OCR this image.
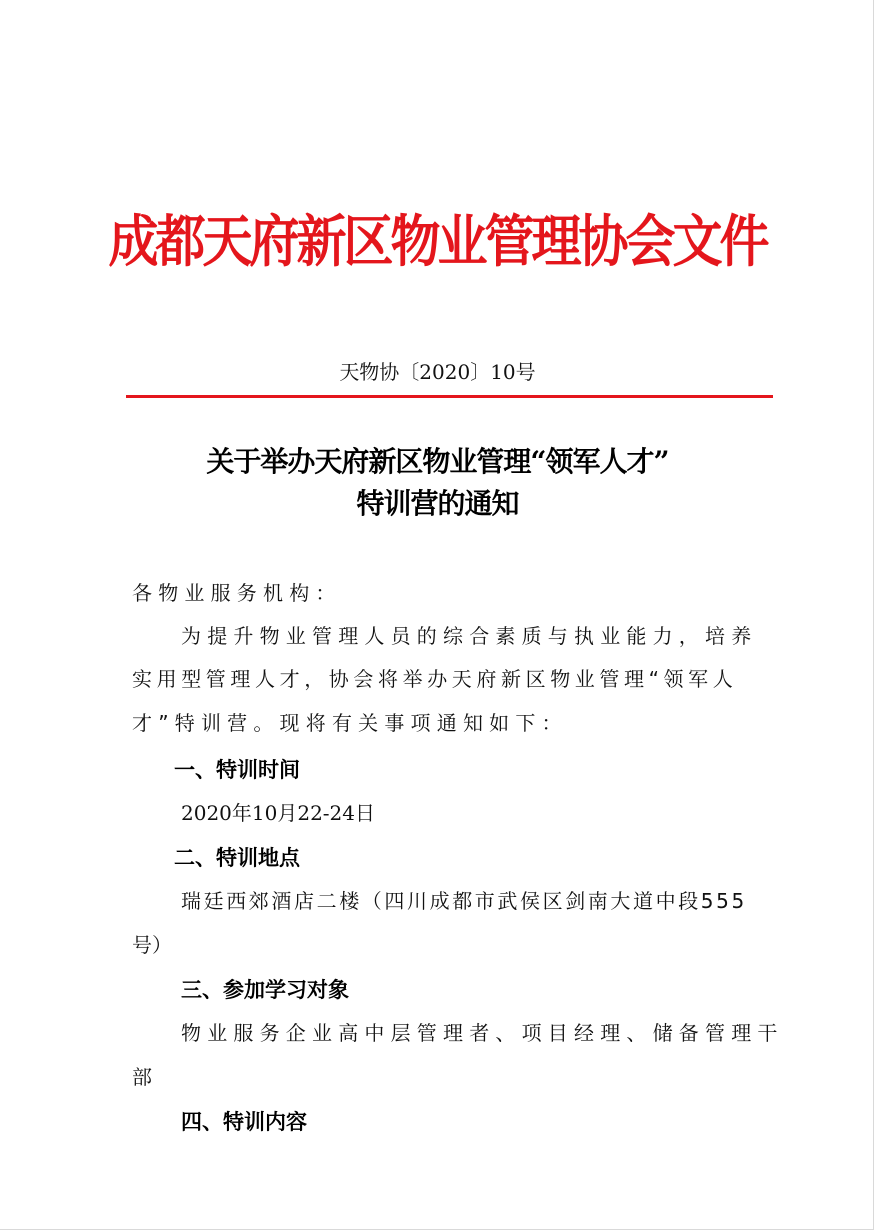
成都天府新区物业管理协会文件
天物协〔2020〕10号
关于举办天府新区物业管理“领军人才”
特训营的通知
各物业服务机构：
为提升物业管理人员的综合素质与执业能力，培养
实用型管理人才，协会将举办天府新区物业管理“领军人
才”特训营。现将有关事项通知如下：
一、特训时间
2020年10月22-24日
二、特训地点
瑞廷西郊酒店二楼（四川成都市武侯区剑南大道中段555
号）
三、参加学习对象
物业服务企业高中层管理者、项目经理、储备管理干
部
四、特训内容
